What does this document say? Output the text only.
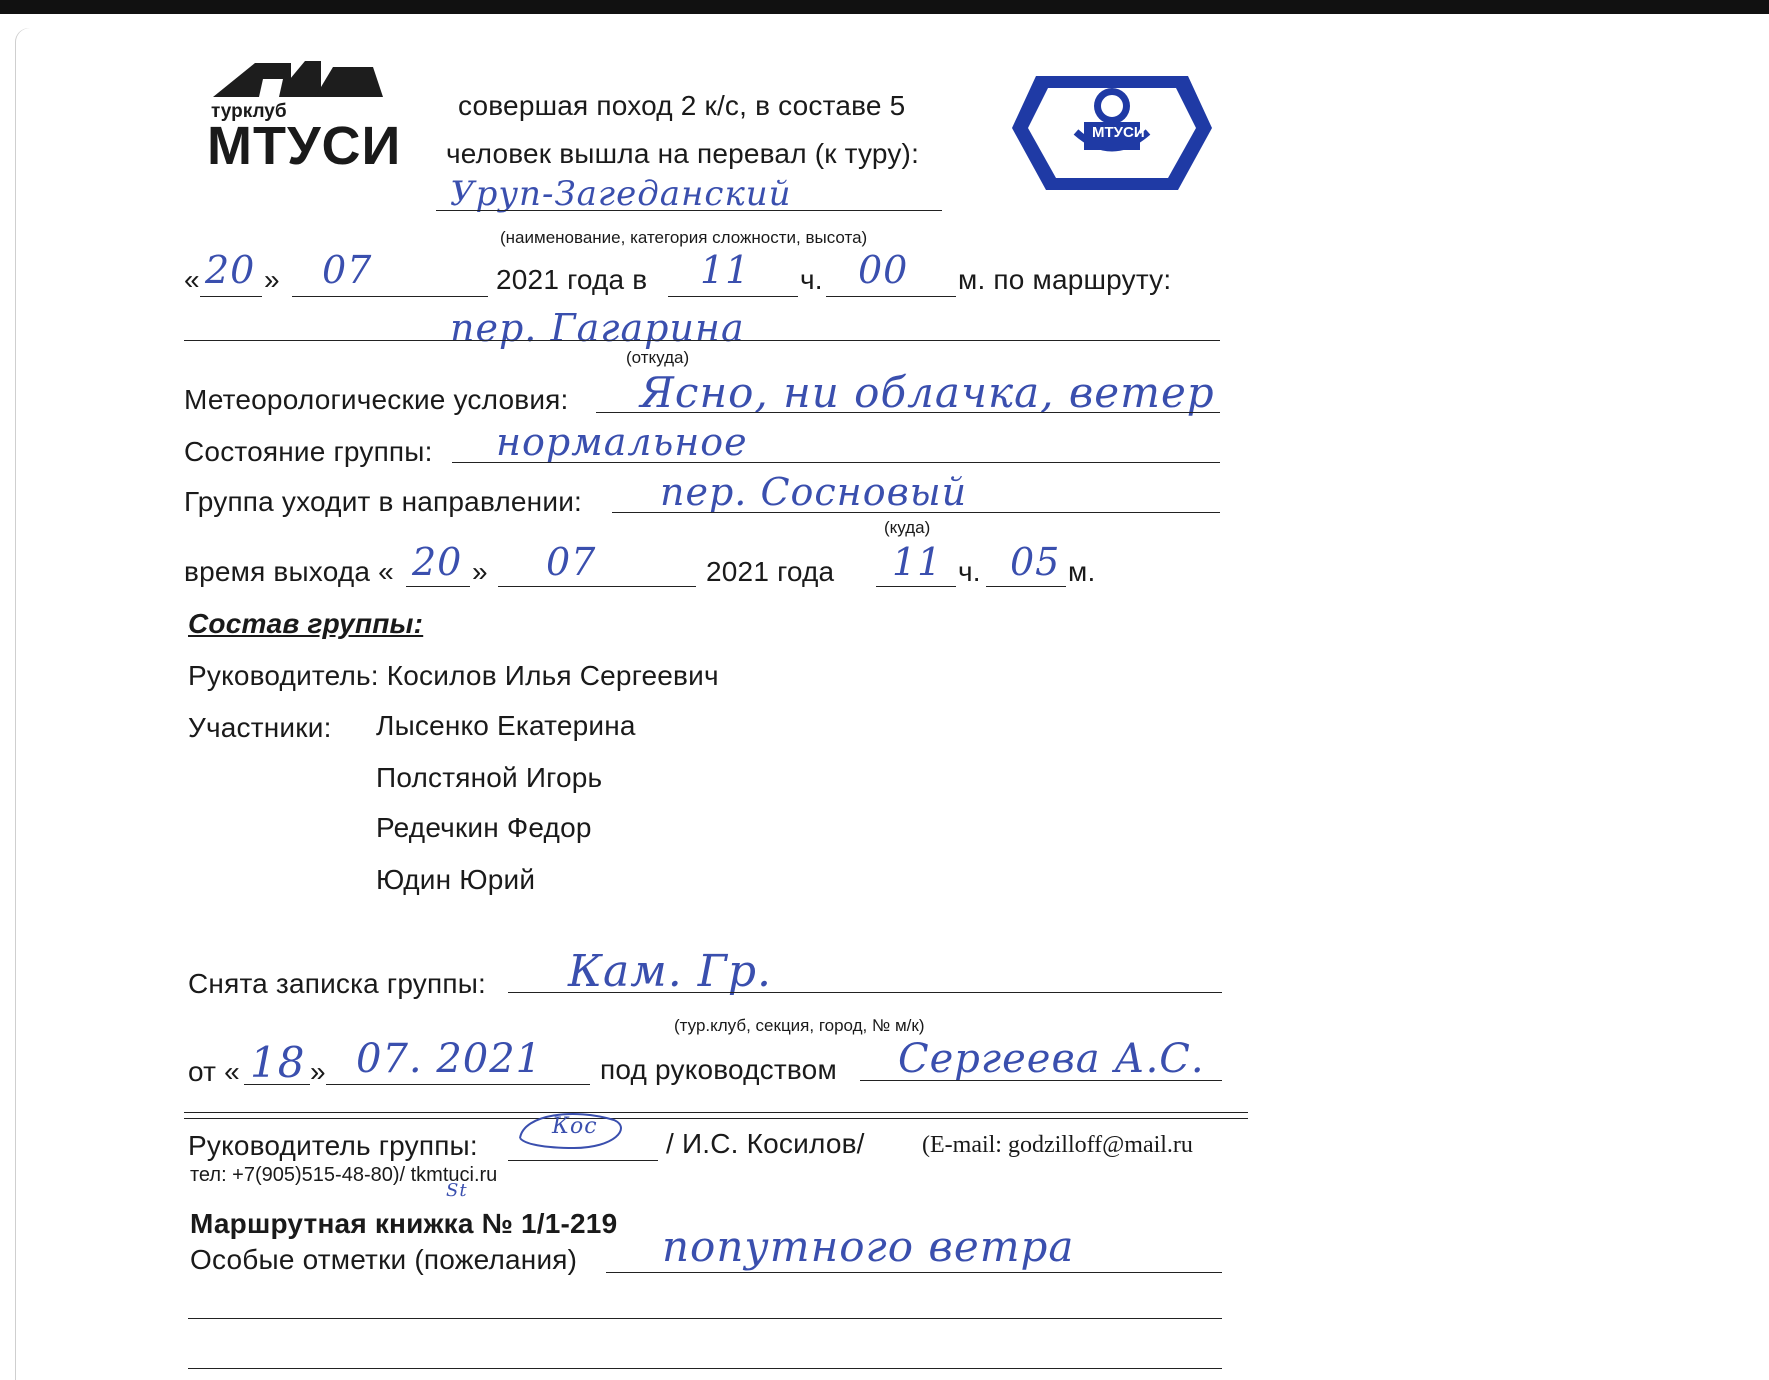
турклуб
МТУСИ	МТУСИ
совершая поход 2 к/с, в составе 5
человек вышла на перевал (к туру):
Уруп-Загеданский
(наименование, категория сложности, высота)
« 20 » 07	2021 года в 11 ч. 00 м. по маршруту:
пер. Гагарина
(откуда)
Метеорологические условия: Ясно, ни облачка, ветер
Состояние группы: нормальное
Группа уходит в направлении: пер. Сосновый
(куда)
время выхода « 20 » 07	2021 года 11 ч. 05 м.
Состав группы:
Руководитель: Косилов Илья Сергеевич
Участники: Лысенко Екатерина
Полстяной Игорь
Редечкин Федор
Юдин Юрий
Снята записка группы: Кам. Гр.
(тур.клуб, секция, город, № м/к)
от « 18 » 07. 2021 под руководством Сергеева А.С.
Руководитель группы:
Кос
/ И.С. Косилов/ (E-mail: godzilloff@mail.ru
тел: +7(905)515-48-80)/ tkmtuci.ru
St
Маршрутная книжка № 1/1-219
Особые отметки (пожелания) попутного ветра
